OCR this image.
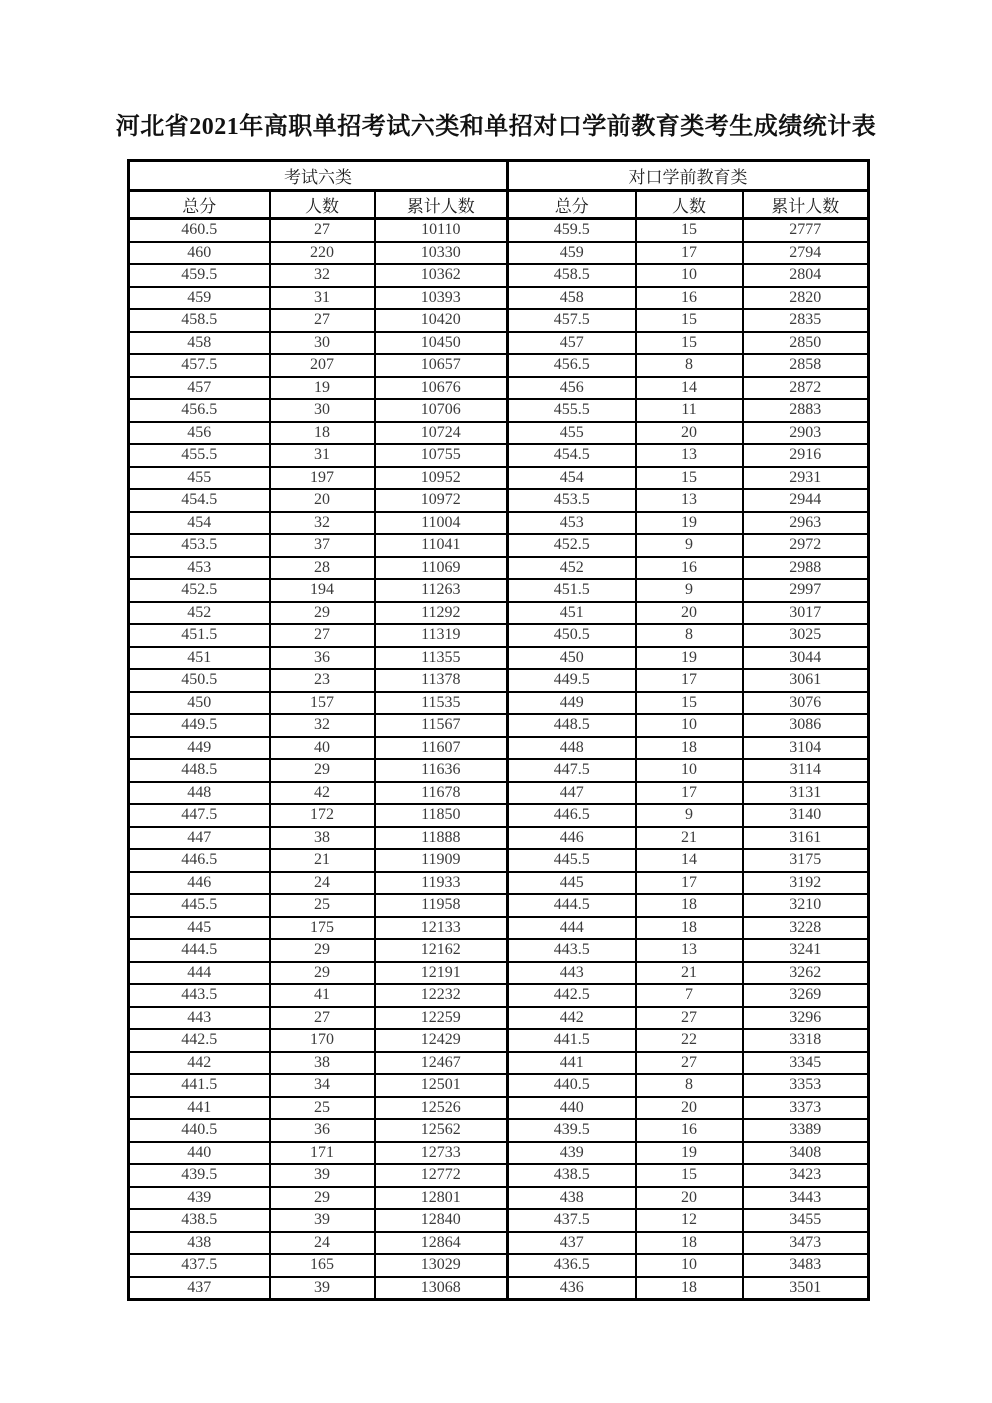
河北省2021年高职单招考试六类和单招对口学前教育类考生成绩统计表
考试六类			对口学前教育类		
总分	人数	累计人数	总分	人数	累计人数
460.5	27	10110	459.5	15	2777
460	220	10330	459	17	2794
459.5	32	10362	458.5	10	2804
459	31	10393	458	16	2820
458.5	27	10420	457.5	15	2835
458	30	10450	457	15	2850
457.5	207	10657	456.5	8	2858
457	19	10676	456	14	2872
456.5	30	10706	455.5	11	2883
456	18	10724	455	20	2903
455.5	31	10755	454.5	13	2916
455	197	10952	454	15	2931
454.5	20	10972	453.5	13	2944
454	32	11004	453	19	2963
453.5	37	11041	452.5	9	2972
453	28	11069	452	16	2988
452.5	194	11263	451.5	9	2997
452	29	11292	451	20	3017
451.5	27	11319	450.5	8	3025
451	36	11355	450	19	3044
450.5	23	11378	449.5	17	3061
450	157	11535	449	15	3076
449.5	32	11567	448.5	10	3086
449	40	11607	448	18	3104
448.5	29	11636	447.5	10	3114
448	42	11678	447	17	3131
447.5	172	11850	446.5	9	3140
447	38	11888	446	21	3161
446.5	21	11909	445.5	14	3175
446	24	11933	445	17	3192
445.5	25	11958	444.5	18	3210
445	175	12133	444	18	3228
444.5	29	12162	443.5	13	3241
444	29	12191	443	21	3262
443.5	41	12232	442.5	7	3269
443	27	12259	442	27	3296
442.5	170	12429	441.5	22	3318
442	38	12467	441	27	3345
441.5	34	12501	440.5	8	3353
441	25	12526	440	20	3373
440.5	36	12562	439.5	16	3389
440	171	12733	439	19	3408
439.5	39	12772	438.5	15	3423
439	29	12801	438	20	3443
438.5	39	12840	437.5	12	3455
438	24	12864	437	18	3473
437.5	165	13029	436.5	10	3483
437	39	13068	436	18	3501
